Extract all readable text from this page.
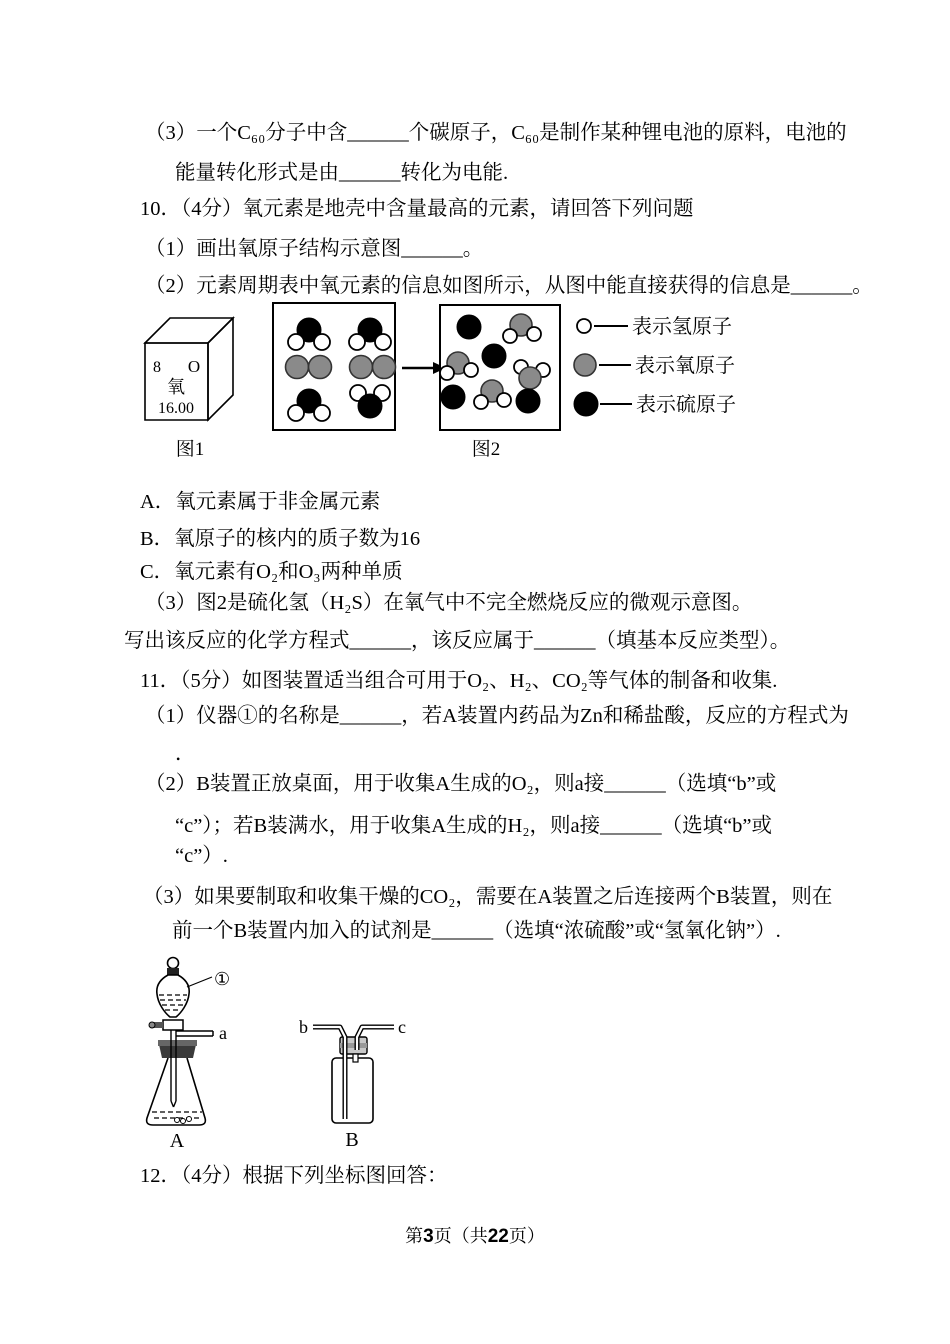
（3）一个C₆₀分子中含______个碳原子，C₆₀是制作某种锂电池的原料，电池的
能量转化形式是由______转化为电能.
10．（4分）氧元素是地壳中含量最高的元素，请回答下列问题
（1）画出氧原子结构示意图______。
（2）元素周期表中氧元素的信息如图所示，从图中能直接获得的信息是______。
8 O
氧
16.00
图1	图2
表示氢原子
表示氧原子
表示硫原子
A．氧元素属于非金属元素
B．氧原子的核内的质子数为16
C．氧元素有O₂和O₃两种单质
（3）图2是硫化氢（H₂S）在氧气中不完全燃烧反应的微观示意图。
写出该反应的化学方程式______，该反应属于______（填基本反应类型）。
11．（5分）如图装置适当组合可用于O₂、H₂、CO₂等气体的制备和收集.
（1）仪器①的名称是______，若A装置内药品为Zn和稀盐酸，反应的方程式为
．
（2）B装置正放桌面，用于收集A生成的O₂，则a接______（选填“b”或
“c”）；若B装满水，用于收集A生成的H₂，则a接______（选填“b”或
“c”）.
（3）如果要制取和收集干燥的CO₂，需要在A装置之后连接两个B装置，则在
前一个B装置内加入的试剂是______（选填“浓硫酸”或“氢氧化钠”）.
①
a
A
b	c
B
12．（4分）根据下列坐标图回答：
第3页（共22页）
